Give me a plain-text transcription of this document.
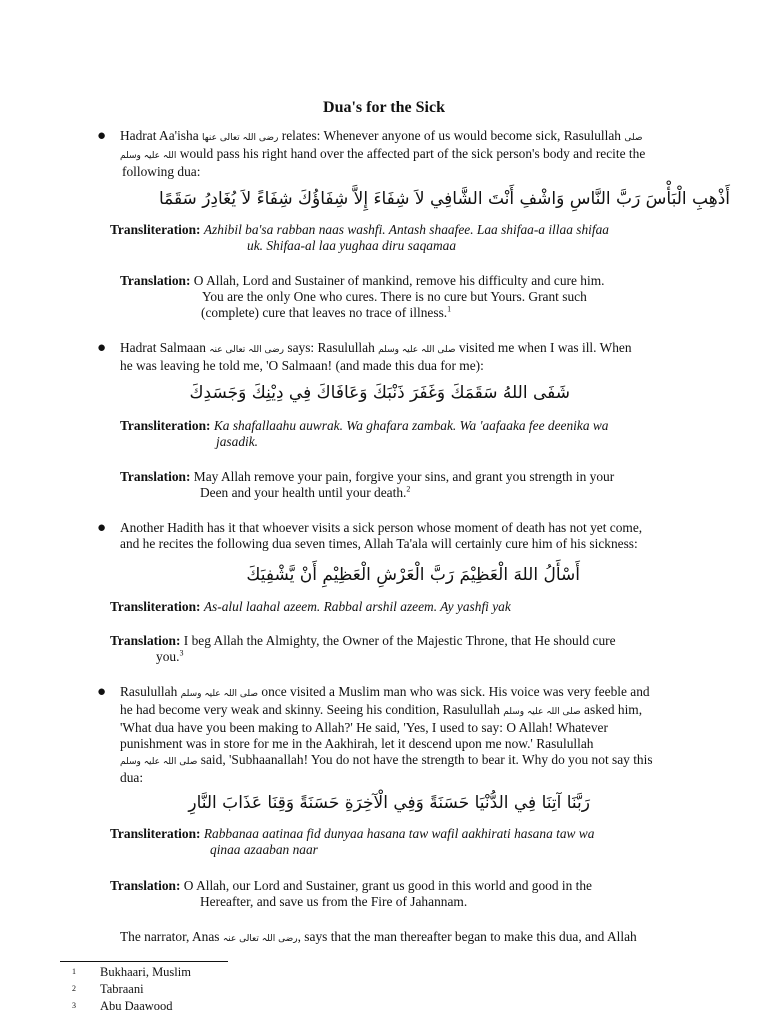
Dua's for the Sick
● Hadrat Aa'isha رضی اللہ تعالی عنھا relates: Whenever anyone of us would become sick, Rasulullah صلی
اللہ علیہ وسلم would pass his right hand over the affected part of the sick person's body and recite the
following dua:
أَذْهِبِ الْبَأْسَ رَبَّ النَّاسِ وَاشْفِ أَنْتَ الشَّافِي لاَ شِفَاءَ إِلاَّ شِفَاؤُكَ شِفَاءً لاَ يُغَادِرُ سَقَمًا
Transliteration: Azhibil ba'sa rabban naas washfi. Antash shaafee. Laa shifaa-a illaa shifaa
uk. Shifaa-al laa yughaa diru saqamaa
Translation: O Allah, Lord and Sustainer of mankind, remove his difficulty and cure him.
You are the only One who cures. There is no cure but Yours. Grant such
(complete) cure that leaves no trace of illness.$^1$
● Hadrat Salmaan رضی اللہ تعالی عنہ says: Rasulullah صلی اللہ علیہ وسلم visited me when I was ill. When
he was leaving he told me, 'O Salmaan! (and made this dua for me):
شَفَى اللهُ سَقَمَكَ وَغَفَرَ ذَنْبَكَ وَعَافَاكَ فِي دِيْنِكَ وَجَسَدِكَ
Transliteration: Ka shafallaahu auwrak. Wa ghafara zambak. Wa 'aafaaka fee deenika wa
jasadik.
Translation: May Allah remove your pain, forgive your sins, and grant you strength in your
Deen and your health until your death.$^2$
● Another Hadith has it that whoever visits a sick person whose moment of death has not yet come,
and he recites the following dua seven times, Allah Ta'ala will certainly cure him of his sickness:
أَسْأَلُ اللهَ الْعَظِيْمَ رَبَّ الْعَرْشِ الْعَظِيْمِ أَنْ يَّشْفِيَكَ
Transliteration: As-alul laahal azeem. Rabbal arshil azeem. Ay yashfi yak
Translation: I beg Allah the Almighty, the Owner of the Majestic Throne, that He should cure
you.$^3$
● Rasulullah صلی اللہ علیہ وسلم once visited a Muslim man who was sick. His voice was very feeble and
he had become very weak and skinny. Seeing his condition, Rasulullah صلی اللہ علیہ وسلم asked him,
'What dua have you been making to Allah?' He said, 'Yes, I used to say: O Allah! Whatever
punishment was in store for me in the Aakhirah, let it descend upon me now.' Rasulullah
صلی اللہ علیہ وسلم said, 'Subhaanallah! You do not have the strength to bear it. Why do you not say this
dua:
رَبَّنَا آتِنَا فِي الدُّنْيَا حَسَنَةً وَفِي الْآخِرَةِ حَسَنَةً وَقِنَا عَذَابَ النَّارِ
Transliteration: Rabbanaa aatinaa fid dunyaa hasana taw wafil aakhirati hasana taw wa
qinaa azaaban naar
Translation: O Allah, our Lord and Sustainer, grant us good in this world and good in the
Hereafter, and save us from the Fire of Jahannam.
The narrator, Anas رضی اللہ تعالی عنہ, says that the man thereafter began to make this dua, and Allah
1 Bukhaari, Muslim
2 Tabraani
3 Abu Daawood
